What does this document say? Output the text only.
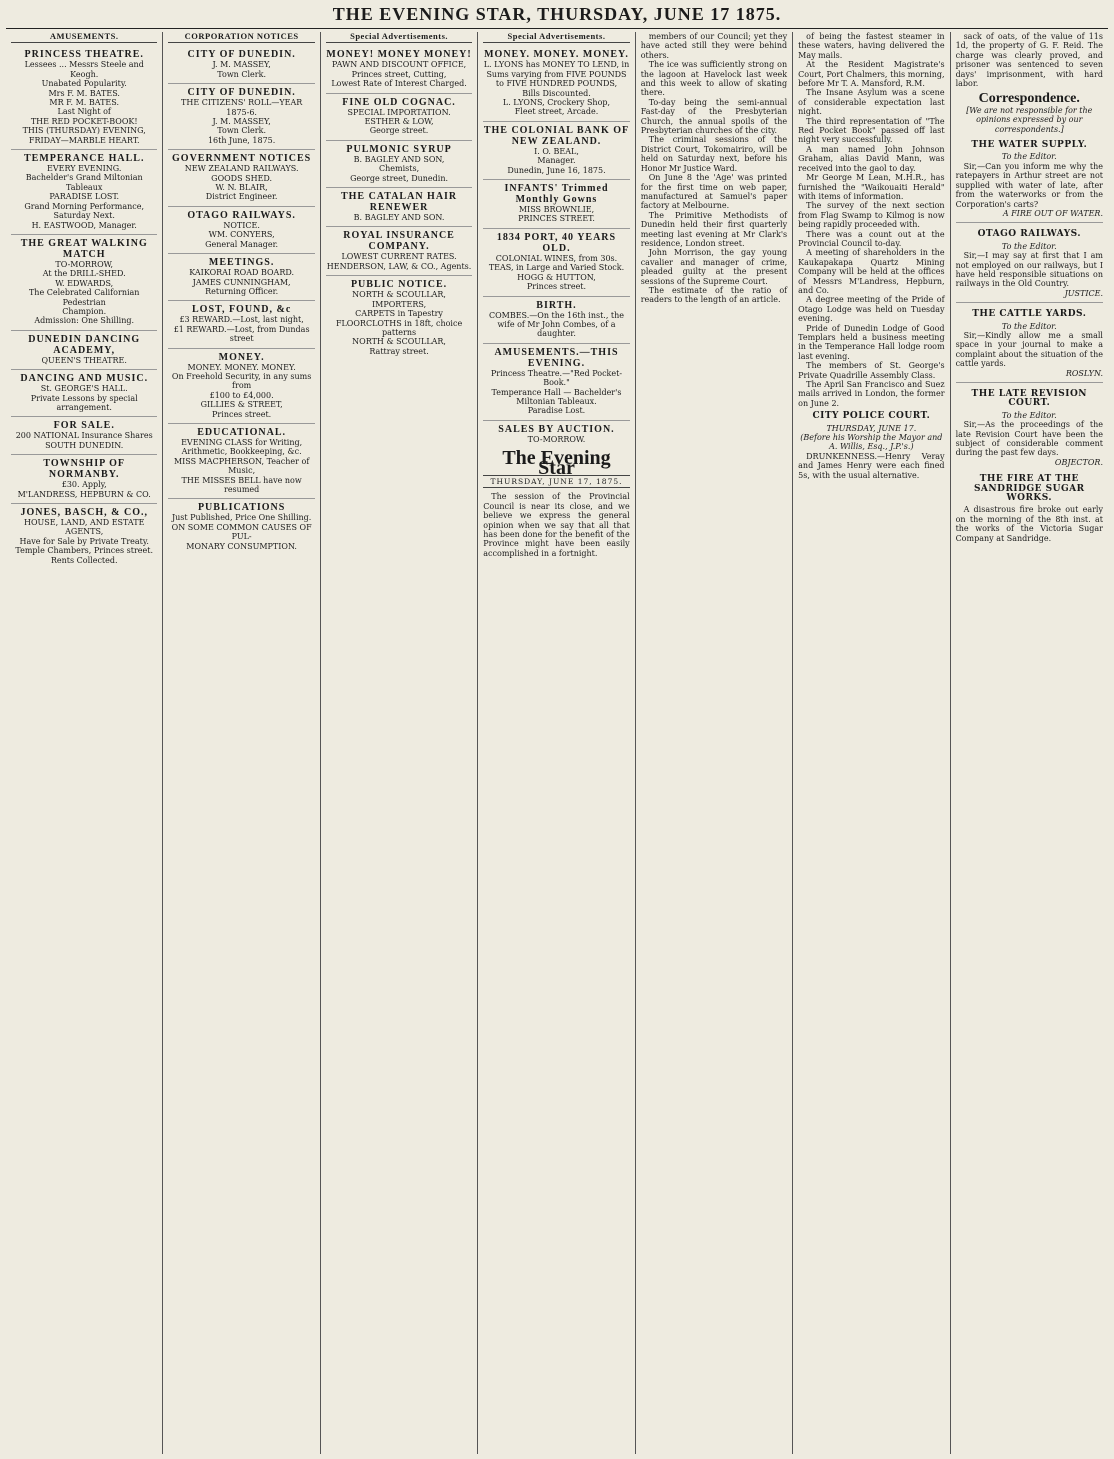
THE EVENING STAR, THURSDAY, JUNE 17 1875.
AMUSEMENTS.
PRINCESS THEATRE.
Lessees ... Messrs Steele and Keogh.
Unabated Popularity.
Mrs F. M. BATES.
MR F. M. BATES.
Last Night of
THE RED POCKET-BOOK!
THIS (THURSDAY) EVENING,
FRIDAY—MARBLE HEART.
TEMPERANCE HALL.
EVERY EVENING.
Bachelder's Grand Miltonian Tableaux
PARADISE LOST.
Grand Morning Performance, Saturday Next.
H. EASTWOOD, Manager.
THE GREAT WALKING MATCH
TO-MORROW,
At the DRILL-SHED.
W. EDWARDS,
The Celebrated Californian Pedestrian
Champion.
Admission: One Shilling.
DUNEDIN DANCING ACADEMY,
QUEEN'S THEATRE.
DANCING AND MUSIC.
St. GEORGE'S HALL.
Private Lessons by special arrangement.
FOR SALE.
200 NATIONAL Insurance Shares
SOUTH DUNEDIN.
TOWNSHIP OF NORMANBY.
£30. Apply,
M'LANDRESS, HEPBURN & CO.
JONES, BASCH, & CO.,
HOUSE, LAND, AND ESTATE AGENTS,
Have for Sale by Private Treaty.
Temple Chambers, Princes street.
Rents Collected.
CORPORATION NOTICES
CITY OF DUNEDIN.
J. M. MASSEY,
Town Clerk.
CITY OF DUNEDIN.
THE CITIZENS' ROLL—YEAR 1875-6.
J. M. MASSEY,
Town Clerk.
16th June, 1875.
GOVERNMENT NOTICES
NEW ZEALAND RAILWAYS.
GOODS SHED.
W. N. BLAIR,
District Engineer.
OTAGO RAILWAYS.
NOTICE.
WM. CONYERS,
General Manager.
MEETINGS.
KAIKORAI ROAD BOARD.
JAMES CUNNINGHAM,
Returning Officer.
LOST, FOUND, &c
£3 REWARD.—Lost, last night,
£1 REWARD.—Lost, from Dundas street
MONEY.
MONEY. MONEY. MONEY.
On Freehold Security, in any sums from
£100 to £4,000.
GILLIES & STREET,
Princes street.
EDUCATIONAL.
EVENING CLASS for Writing, Arithmetic, Bookkeeping, &c.
MISS MACPHERSON, Teacher of Music,
THE MISSES BELL have now resumed
PUBLICATIONS
Just Published, Price One Shilling.
ON SOME COMMON CAUSES OF PUL-
MONARY CONSUMPTION.
Special Advertisements.
MONEY! MONEY MONEY!
PAWN AND DISCOUNT OFFICE,
Princes street, Cutting,
Lowest Rate of Interest Charged.
FINE OLD COGNAC.
SPECIAL IMPORTATION.
ESTHER & LOW,
George street.
PULMONIC SYRUP
B. BAGLEY AND SON,
Chemists,
George street, Dunedin.
THE CATALAN HAIR RENEWER
B. BAGLEY AND SON.
ROYAL INSURANCE COMPANY.
LOWEST CURRENT RATES.
HENDERSON, LAW, & CO., Agents.
PUBLIC NOTICE.
NORTH & SCOULLAR,
IMPORTERS,
CARPETS in Tapestry
FLOORCLOTHS in 18ft, choice patterns
NORTH & SCOULLAR,
Rattray street.
Special Advertisements.
MONEY. MONEY. MONEY.
L. LYONS has MONEY TO LEND, in Sums varying from FIVE POUNDS to FIVE HUNDRED POUNDS,
Bills Discounted.
L. LYONS, Crockery Shop,
Fleet street, Arcade.
THE COLONIAL BANK OF NEW ZEALAND.
I. O. BEAL,
Manager.
Dunedin, June 16, 1875.
INFANTS' Trimmed Monthly Gowns
MISS BROWNLIE,
PRINCES STREET.
1834 PORT, 40 YEARS OLD.
COLONIAL WINES, from 30s.
TEAS, in Large and Varied Stock.
HOGG & HUTTON,
Princes street.
BIRTH.
COMBES.—On the 16th inst., the wife of Mr John Combes, of a daughter.
AMUSEMENTS.—THIS EVENING.
Princess Theatre.—"Red Pocket-Book."
Temperance Hall — Bachelder's Miltonian Tableaux.
Paradise Lost.
SALES BY AUCTION.
TO-MORROW.
The Evening Star
THURSDAY, JUNE 17, 1875.

The session of the Provincial Council is near its close, and we believe we express the general opinion when we say that all that has been done for the benefit of the Province might have been easily accomplished in a fortnight.

members of our Council; yet they have acted still they were behind others.

The ice was sufficiently strong on the lagoon at Havelock last week and this week to allow of skating there.

To-day being the semi-annual Fast-day of the Presbyterian Church, the annual spoils of the Presbyterian churches of the city.

The criminal sessions of the District Court, Tokomairiro, will be held on Saturday next, before his Honor Mr Justice Ward.

On June 8 the 'Age' was printed for the first time on web paper, manufactured at Samuel's paper factory at Melbourne.

The Primitive Methodists of Dunedin held their first quarterly meeting last evening at Mr Clark's residence, London street.

John Morrison, the gay young cavalier and manager of crime, pleaded guilty at the present sessions of the Supreme Court.

The estimate of the ratio of readers to the length of an article.

of being the fastest steamer in these waters, having delivered the May mails.

At the Resident Magistrate's Court, Port Chalmers, this morning, before Mr T. A. Mansford, R.M.

The Insane Asylum was a scene of considerable expectation last night.

The third representation of "The Red Pocket Book" passed off last night very successfully.

A man named John Johnson Graham, alias David Mann, was received into the gaol to day.

Mr George M Lean, M.H.R., has furnished the "Waikouaiti Herald" with items of information.

The survey of the next section from Flag Swamp to Kilmog is now being rapidly proceeded with.

There was a count out at the Provincial Council to-day.

A meeting of shareholders in the Kaukapakapa Quartz Mining Company will be held at the offices of Messrs M'Landress, Hepburn, and Co.

A degree meeting of the Pride of Otago Lodge was held on Tuesday evening.

Pride of Dunedin Lodge of Good Templars held a business meeting in the Temperance Hall lodge room last evening.

The members of St. George's Private Quadrille Assembly Class.

The April San Francisco and Suez mails arrived in London, the former on June 2.

CITY POLICE COURT.
THURSDAY, JUNE 17.
(Before his Worship the Mayor and A. Willis, Esq., J.P.'s.)

DRUNKENNESS.—Henry Veray and James Henry were each fined 5s, with the usual alternative.

sack of oats, of the value of 11s 1d, the property of G. F. Reid. The charge was clearly proved, and prisoner was sentenced to seven days' imprisonment, with hard labor.

Correspondence.
[We are not responsible for the opinions expressed by our correspondents.]
THE WATER SUPPLY.
To the Editor.

Sir,—Can you inform me why the ratepayers in Arthur street are not supplied with water of late, after from the waterworks or from the Corporation's carts?

A FIRE OUT OF WATER.
OTAGO RAILWAYS.
To the Editor.

Sir,—I may say at first that I am not employed on our railways, but I have held responsible situations on railways in the Old Country.

JUSTICE.
THE CATTLE YARDS.
To the Editor.

Sir,—Kindly allow me a small space in your journal to make a complaint about the situation of the cattle yards.

ROSLYN.
THE LATE REVISION COURT.
To the Editor.

Sir,—As the proceedings of the late Revision Court have been the subject of considerable comment during the past few days.

OBJECTOR.
THE FIRE AT THE SANDRIDGE SUGAR WORKS.

A disastrous fire broke out early on the morning of the 8th inst. at the works of the Victoria Sugar Company at Sandridge.
